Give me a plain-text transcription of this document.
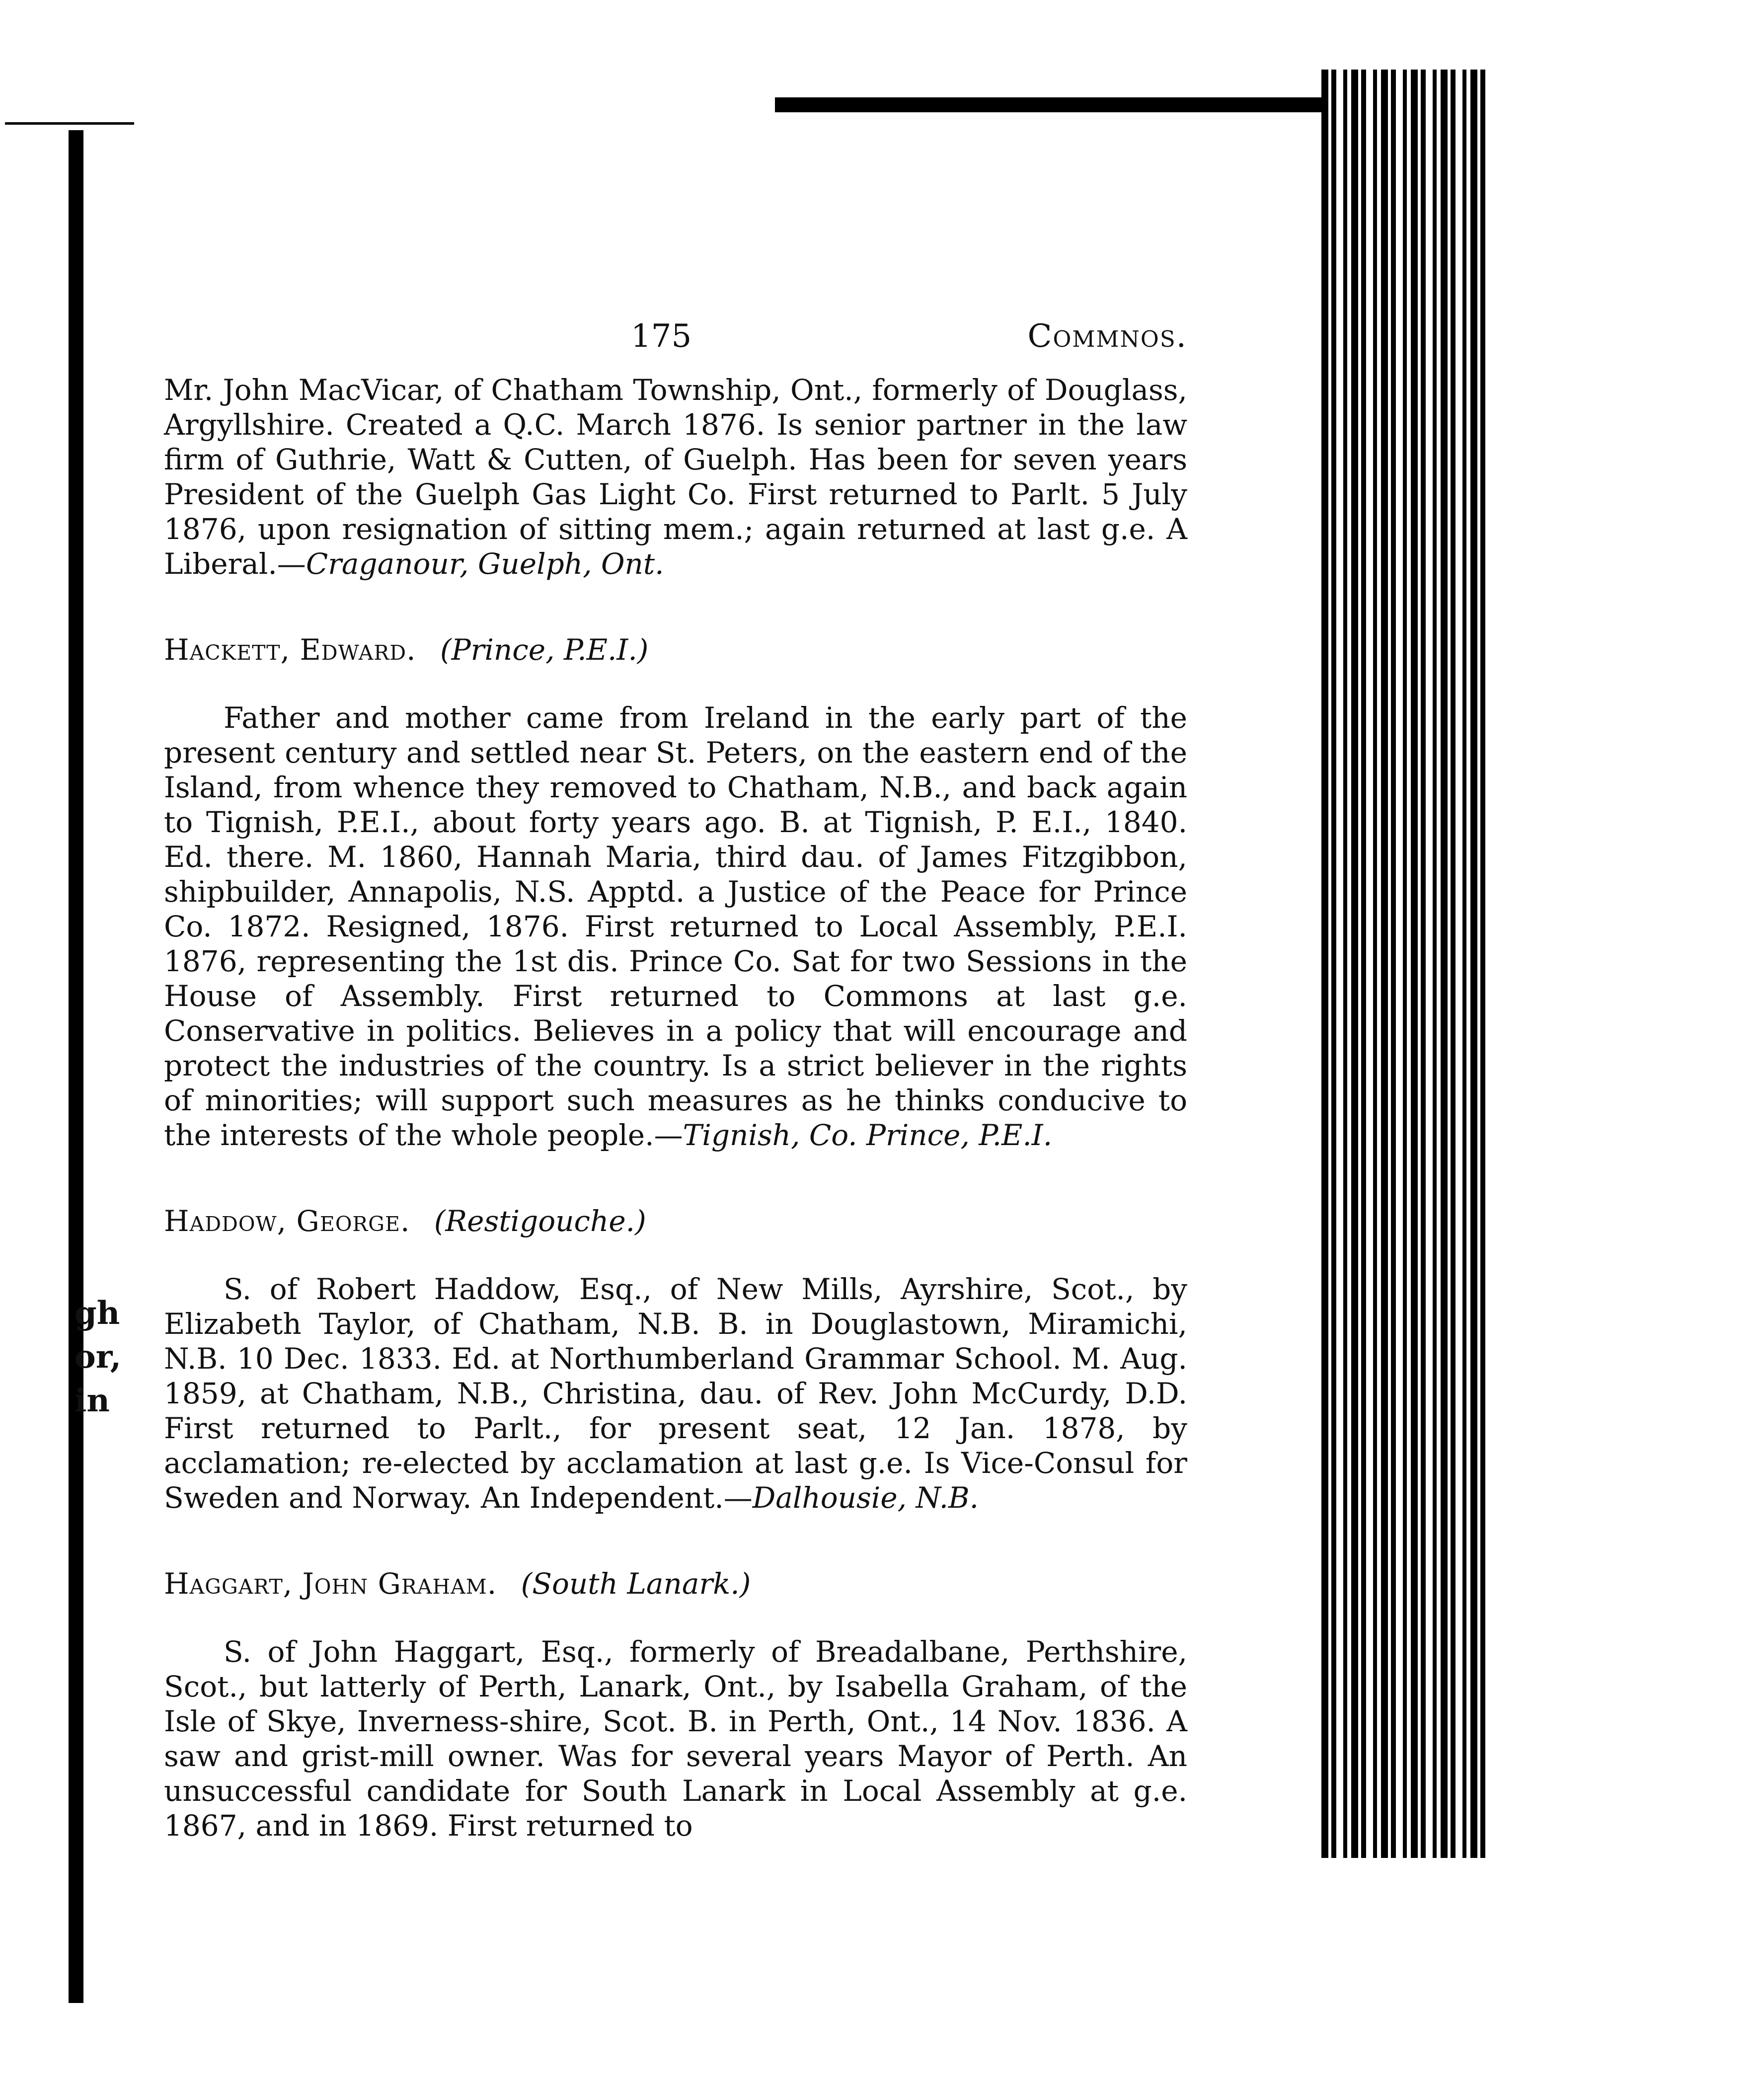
gh
or,
in
175	Commnos.

Mr. John MacVicar, of Chatham Township, Ont., formerly of Douglass, Argyllshire. Created a Q.C. March 1876. Is senior partner in the law firm of Guthrie, Watt & Cutten, of Guelph. Has been for seven years President of the Guelph Gas Light Co. First returned to Parlt. 5 July 1876, upon resignation of sitting mem.; again returned at last g.e. A Liberal.—Craganour, Guelph, Ont.

Hackett, Edward. (Prince, P.E.I.)

Father and mother came from Ireland in the early part of the present century and settled near St. Peters, on the eastern end of the Island, from whence they removed to Chatham, N.B., and back again to Tignish, P.E.I., about forty years ago. B. at Tignish, P. E.I., 1840. Ed. there. M. 1860, Hannah Maria, third dau. of James Fitzgibbon, shipbuilder, Annapolis, N.S. Apptd. a Justice of the Peace for Prince Co. 1872. Resigned, 1876. First returned to Local Assembly, P.E.I. 1876, representing the 1st dis. Prince Co. Sat for two Sessions in the House of Assembly. First returned to Commons at last g.e. Conservative in politics. Believes in a policy that will encourage and protect the industries of the country. Is a strict believer in the rights of minorities; will support such measures as he thinks conducive to the interests of the whole people.—Tignish, Co. Prince, P.E.I.

Haddow, George. (Restigouche.)

S. of Robert Haddow, Esq., of New Mills, Ayrshire, Scot., by Elizabeth Taylor, of Chatham, N.B. B. in Douglastown, Miramichi, N.B. 10 Dec. 1833. Ed. at Northumberland Grammar School. M. Aug. 1859, at Chatham, N.B., Christina, dau. of Rev. John McCurdy, D.D. First returned to Parlt., for present seat, 12 Jan. 1878, by acclamation; re-elected by acclamation at last g.e. Is Vice-Consul for Sweden and Norway. An Independent.—Dalhousie, N.B.

Haggart, John Graham. (South Lanark.)

S. of John Haggart, Esq., formerly of Breadalbane, Perthshire, Scot., but latterly of Perth, Lanark, Ont., by Isabella Graham, of the Isle of Skye, Inverness-shire, Scot. B. in Perth, Ont., 14 Nov. 1836. A saw and grist-mill owner. Was for several years Mayor of Perth. An unsuccessful candidate for South Lanark in Local Assembly at g.e. 1867, and in 1869. First returned to
